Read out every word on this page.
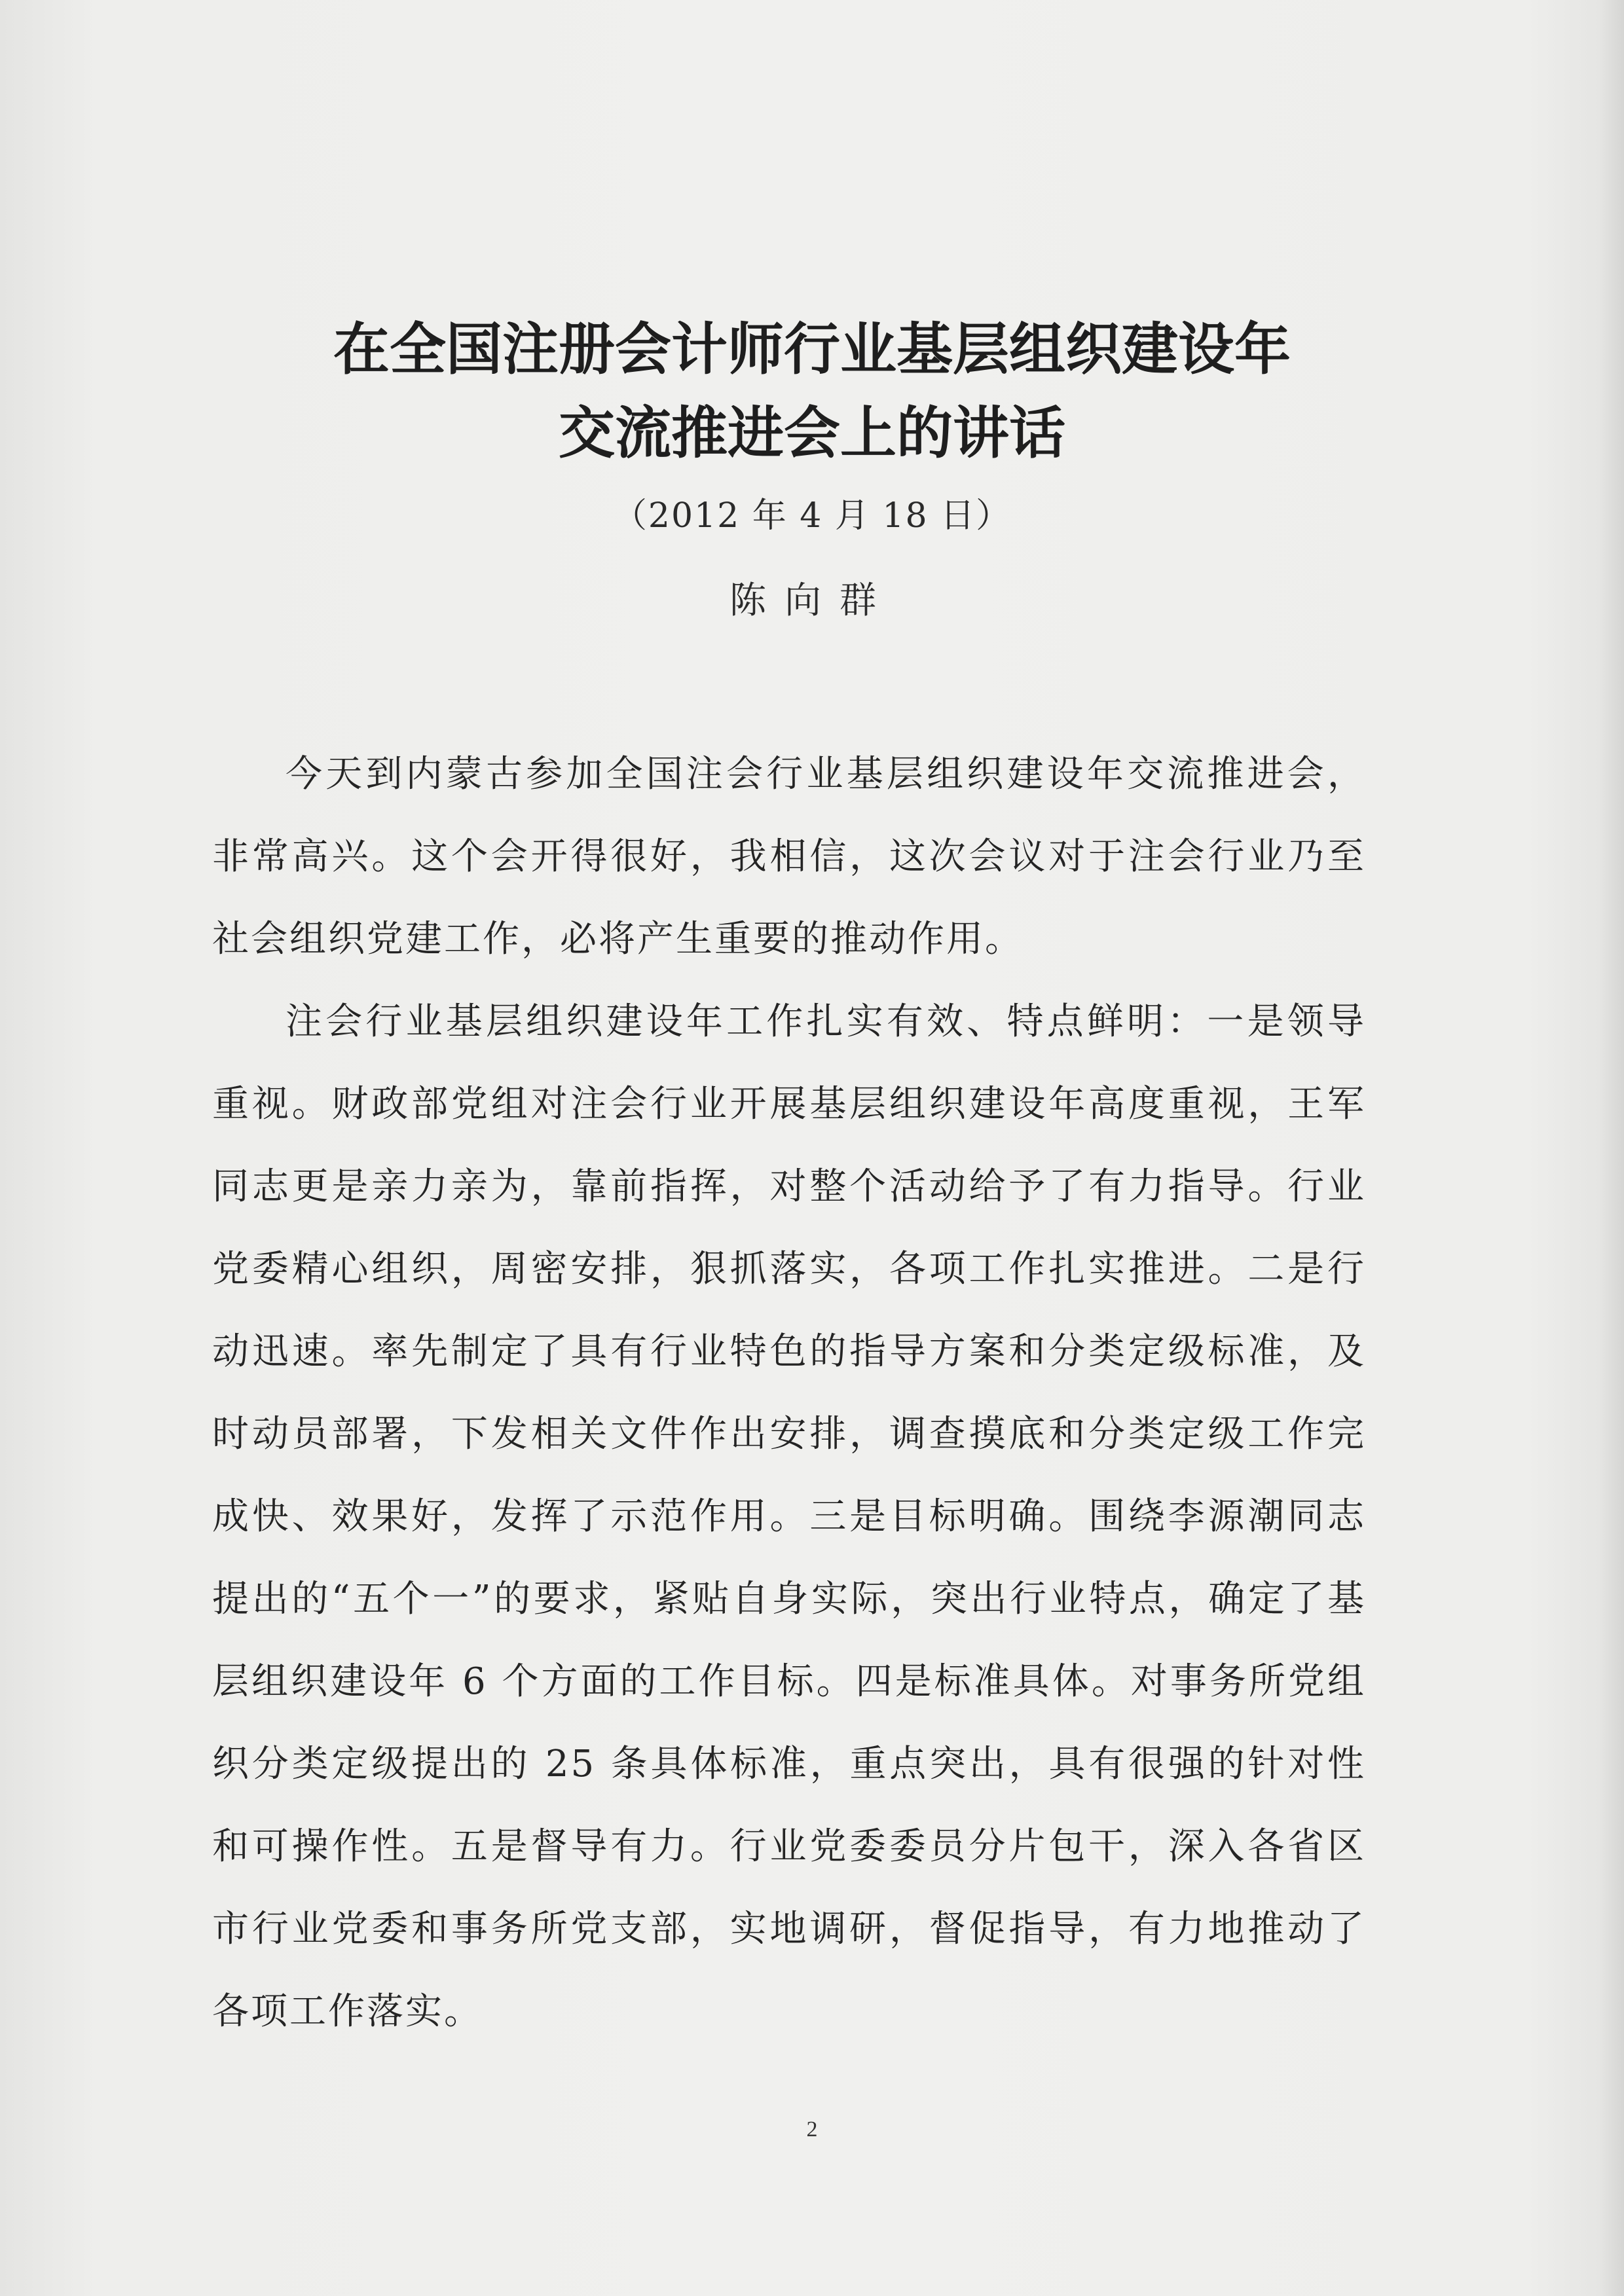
在全国注册会计师行业基层组织建设年
交流推进会上的讲话
（2012 年 4 月 18 日）
陈向群

今天到内蒙古参加全国注会行业基层组织建设年交流推进会，非常高兴。这个会开得很好，我相信，这次会议对于注会行业乃至社会组织党建工作，必将产生重要的推动作用。

注会行业基层组织建设年工作扎实有效、特点鲜明：一是领导重视。财政部党组对注会行业开展基层组织建设年高度重视，王军同志更是亲力亲为，靠前指挥，对整个活动给予了有力指导。行业党委精心组织，周密安排，狠抓落实，各项工作扎实推进。二是行动迅速。率先制定了具有行业特色的指导方案和分类定级标准，及时动员部署，下发相关文件作出安排，调查摸底和分类定级工作完成快、效果好，发挥了示范作用。三是目标明确。围绕李源潮同志提出的“五个一”的要求，紧贴自身实际，突出行业特点，确定了基层组织建设年 6 个方面的工作目标。四是标准具体。对事务所党组织分类定级提出的 25 条具体标准，重点突出，具有很强的针对性和可操作性。五是督导有力。行业党委委员分片包干，深入各省区市行业党委和事务所党支部，实地调研，督促指导，有力地推动了各项工作落实。

2
